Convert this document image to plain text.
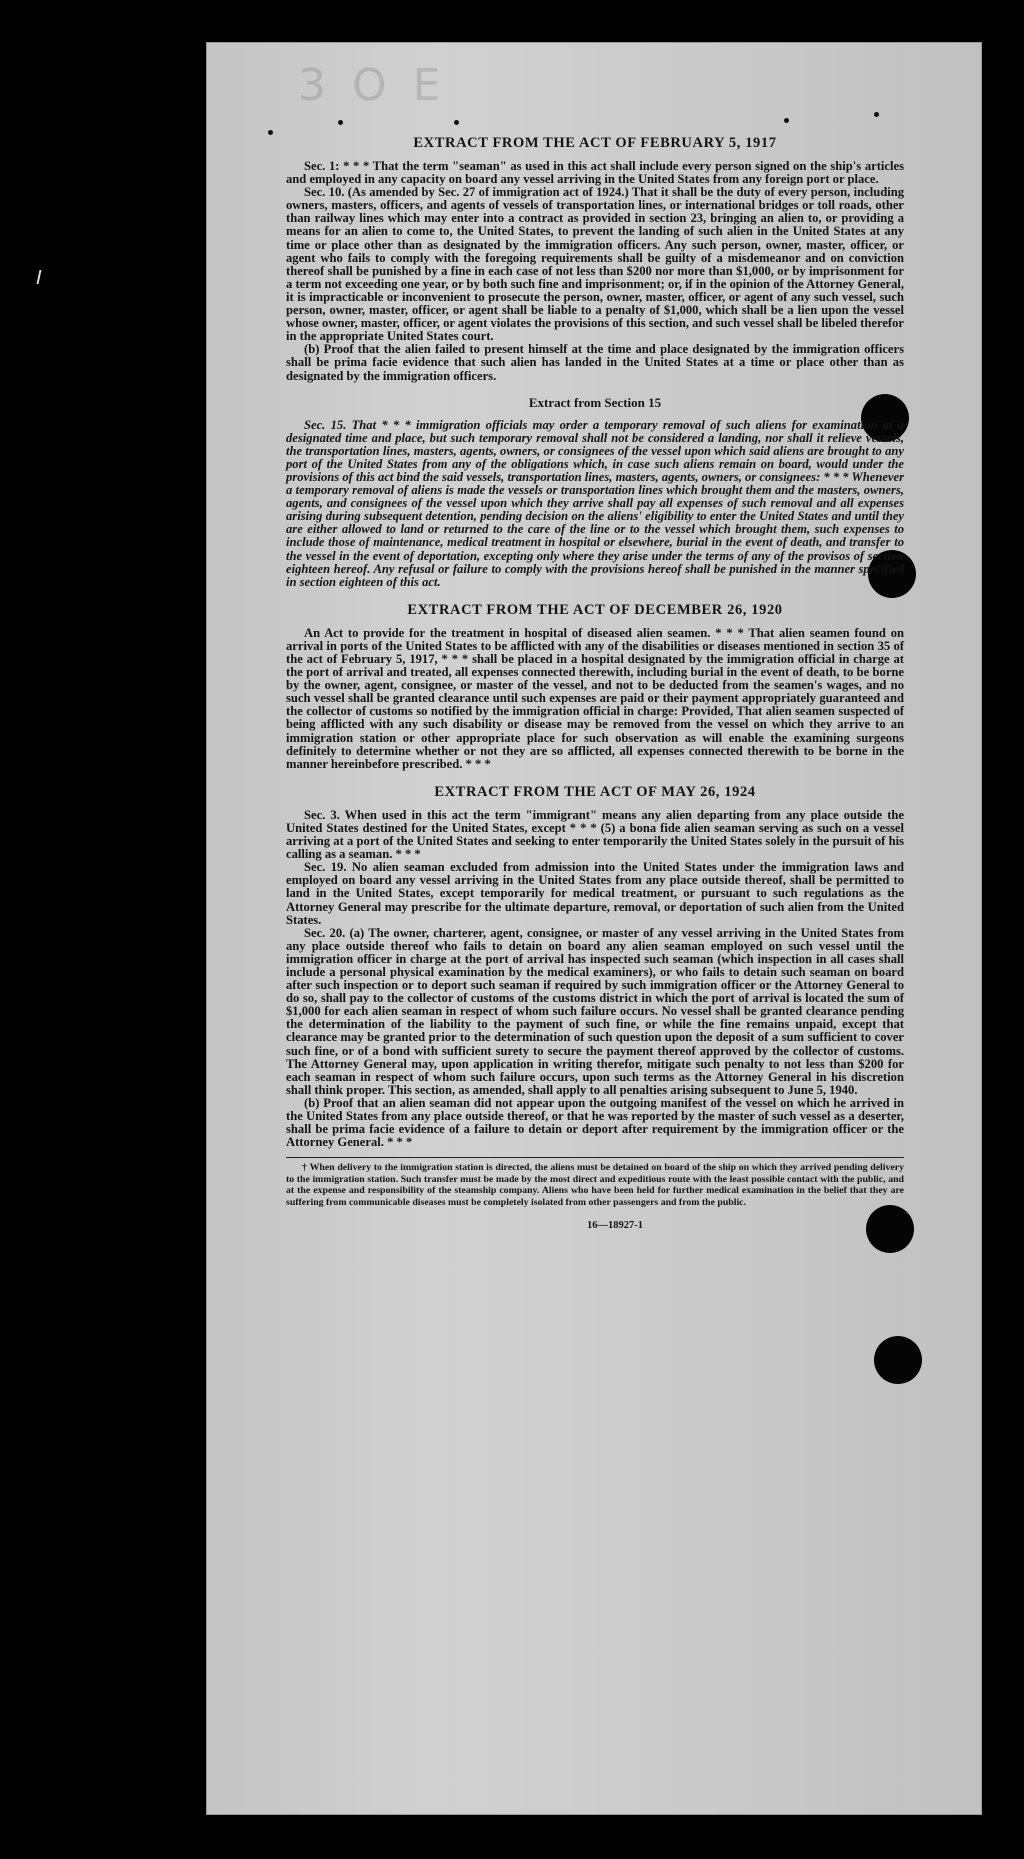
3 O E
EXTRACT FROM THE ACT OF FEBRUARY 5, 1917

Sec. 1: * * * That the term "seaman" as used in this act shall include every person signed on the ship's articles and employed in any capacity on board any vessel arriving in the United States from any foreign port or place.

Sec. 10. (As amended by Sec. 27 of immigration act of 1924.) That it shall be the duty of every person, including owners, masters, officers, and agents of vessels of transportation lines, or international bridges or toll roads, other than railway lines which may enter into a contract as provided in section 23, bringing an alien to, or providing a means for an alien to come to, the United States, to prevent the landing of such alien in the United States at any time or place other than as designated by the immigration officers. Any such person, owner, master, officer, or agent who fails to comply with the foregoing requirements shall be guilty of a misdemeanor and on conviction thereof shall be punished by a fine in each case of not less than $200 nor more than $1,000, or by imprisonment for a term not exceeding one year, or by both such fine and imprisonment; or, if in the opinion of the Attorney General, it is impracticable or inconvenient to prosecute the person, owner, master, officer, or agent of any such vessel, such person, owner, master, officer, or agent shall be liable to a penalty of $1,000, which shall be a lien upon the vessel whose owner, master, officer, or agent violates the provisions of this section, and such vessel shall be libeled therefor in the appropriate United States court.

(b) Proof that the alien failed to present himself at the time and place designated by the immigration officers shall be prima facie evidence that such alien has landed in the United States at a time or place other than as designated by the immigration officers.

Extract from Section 15

Sec. 15. That * * * immigration officials may order a temporary removal of such aliens for examination at a designated time and place, but such temporary removal shall not be considered a landing, nor shall it relieve vessels, the transportation lines, masters, agents, owners, or consignees of the vessel upon which said aliens are brought to any port of the United States from any of the obligations which, in case such aliens remain on board, would under the provisions of this act bind the said vessels, transportation lines, masters, agents, owners, or consignees: * * * Whenever a temporary removal of aliens is made the vessels or transportation lines which brought them and the masters, owners, agents, and consignees of the vessel upon which they arrive shall pay all expenses of such removal and all expenses arising during subsequent detention, pending decision on the aliens' eligibility to enter the United States and until they are either allowed to land or returned to the care of the line or to the vessel which brought them, such expenses to include those of maintenance, medical treatment in hospital or elsewhere, burial in the event of death, and transfer to the vessel in the event of deportation, excepting only where they arise under the terms of any of the provisos of section eighteen hereof. Any refusal or failure to comply with the provisions hereof shall be punished in the manner specified in section eighteen of this act.

EXTRACT FROM THE ACT OF DECEMBER 26, 1920

An Act to provide for the treatment in hospital of diseased alien seamen. * * * That alien seamen found on arrival in ports of the United States to be afflicted with any of the disabilities or diseases mentioned in section 35 of the act of February 5, 1917, * * * shall be placed in a hospital designated by the immigration official in charge at the port of arrival and treated, all expenses connected therewith, including burial in the event of death, to be borne by the owner, agent, consignee, or master of the vessel, and not to be deducted from the seamen's wages, and no such vessel shall be granted clearance until such expenses are paid or their payment appropriately guaranteed and the collector of customs so notified by the immigration official in charge: Provided, That alien seamen suspected of being afflicted with any such disability or disease may be removed from the vessel on which they arrive to an immigration station or other appropriate place for such observation as will enable the examining surgeons definitely to determine whether or not they are so afflicted, all expenses connected therewith to be borne in the manner hereinbefore prescribed. * * *

EXTRACT FROM THE ACT OF MAY 26, 1924

Sec. 3. When used in this act the term "immigrant" means any alien departing from any place outside the United States destined for the United States, except * * * (5) a bona fide alien seaman serving as such on a vessel arriving at a port of the United States and seeking to enter temporarily the United States solely in the pursuit of his calling as a seaman. * * *

Sec. 19. No alien seaman excluded from admission into the United States under the immigration laws and employed on board any vessel arriving in the United States from any place outside thereof, shall be permitted to land in the United States, except temporarily for medical treatment, or pursuant to such regulations as the Attorney General may prescribe for the ultimate departure, removal, or deportation of such alien from the United States.

Sec. 20. (a) The owner, charterer, agent, consignee, or master of any vessel arriving in the United States from any place outside thereof who fails to detain on board any alien seaman employed on such vessel until the immigration officer in charge at the port of arrival has inspected such seaman (which inspection in all cases shall include a personal physical examination by the medical examiners), or who fails to detain such seaman on board after such inspection or to deport such seaman if required by such immigration officer or the Attorney General to do so, shall pay to the collector of customs of the customs district in which the port of arrival is located the sum of $1,000 for each alien seaman in respect of whom such failure occurs. No vessel shall be granted clearance pending the determination of the liability to the payment of such fine, or while the fine remains unpaid, except that clearance may be granted prior to the determination of such question upon the deposit of a sum sufficient to cover such fine, or of a bond with sufficient surety to secure the payment thereof approved by the collector of customs. The Attorney General may, upon application in writing therefor, mitigate such penalty to not less than $200 for each seaman in respect of whom such failure occurs, upon such terms as the Attorney General in his discretion shall think proper. This section, as amended, shall apply to all penalties arising subsequent to June 5, 1940.

(b) Proof that an alien seaman did not appear upon the outgoing manifest of the vessel on which he arrived in the United States from any place outside thereof, or that he was reported by the master of such vessel as a deserter, shall be prima facie evidence of a failure to detain or deport after requirement by the immigration officer or the Attorney General. * * *

† When delivery to the immigration station is directed, the aliens must be detained on board of the ship on which they arrived pending delivery to the immigration station. Such transfer must be made by the most direct and expeditious route with the least possible contact with the public, and at the expense and responsibility of the steamship company. Aliens who have been held for further medical examination in the belief that they are suffering from communicable diseases must be completely isolated from other passengers and from the public.

16—18927-1
